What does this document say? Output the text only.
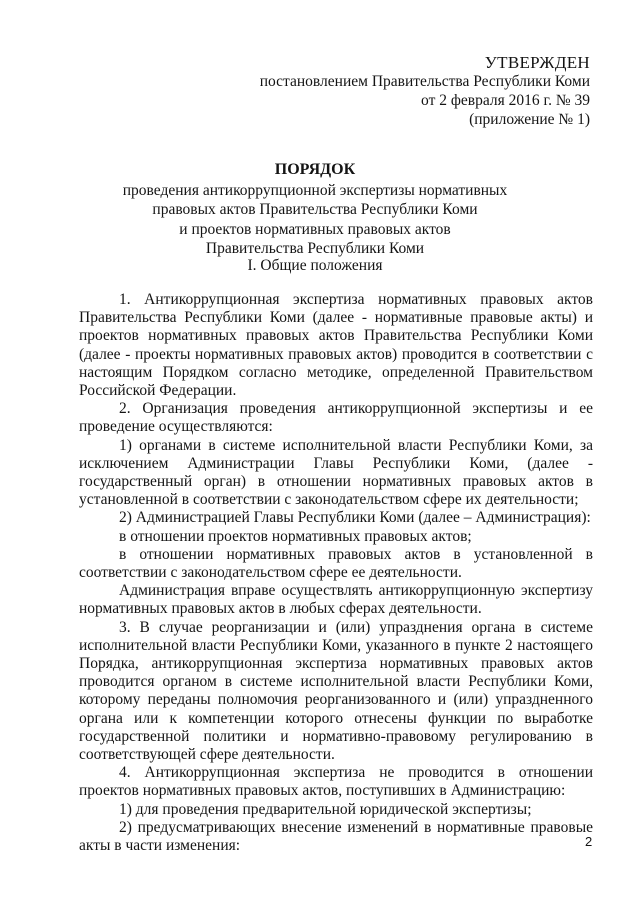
УТВЕРЖДЕН
постановлением Правительства Республики Коми
от 2 февраля 2016 г. № 39
(приложение № 1)
ПОРЯДОК
проведения антикоррупционной экспертизы нормативных
правовых актов Правительства Республики Коми
и проектов нормативных правовых актов
Правительства Республики Коми
I. Общие положения

1. Антикоррупционная экспертиза нормативных правовых актов Правительства Республики Коми (далее - нормативные правовые акты) и проектов нормативных правовых актов Правительства Республики Коми (далее - проекты нормативных правовых актов) проводится в соответствии с настоящим Порядком согласно методике, определенной Правительством Российской Федерации.

2. Организация проведения антикоррупционной экспертизы и ее проведение осуществляются:

1) органами в системе исполнительной власти Республики Коми, за исключением Администрации Главы Республики Коми, (далее - государственный орган) в отношении нормативных правовых актов в установленной в соответствии с законодательством сфере их деятельности;

2) Администрацией Главы Республики Коми (далее – Администрация):

в отношении проектов нормативных правовых актов;

в отношении нормативных правовых актов в установленной в соответствии с законодательством сфере ее деятельности.

Администрация вправе осуществлять антикоррупционную экспертизу нормативных правовых актов в любых сферах деятельности.

3. В случае реорганизации и (или) упразднения органа в системе исполнительной власти Республики Коми, указанного в пункте 2 настоящего Порядка, антикоррупционная экспертиза нормативных правовых актов проводится органом в системе исполнительной власти Республики Коми, которому переданы полномочия реорганизованного и (или) упраздненного органа или к компетенции которого отнесены функции по выработке государственной политики и нормативно-правовому регулированию в соответствующей сфере деятельности.

4. Антикоррупционная экспертиза не проводится в отношении проектов нормативных правовых актов, поступивших в Администрацию:

1) для проведения предварительной юридической экспертизы;

2) предусматривающих внесение изменений в нормативные правовые акты в части изменения:	2
